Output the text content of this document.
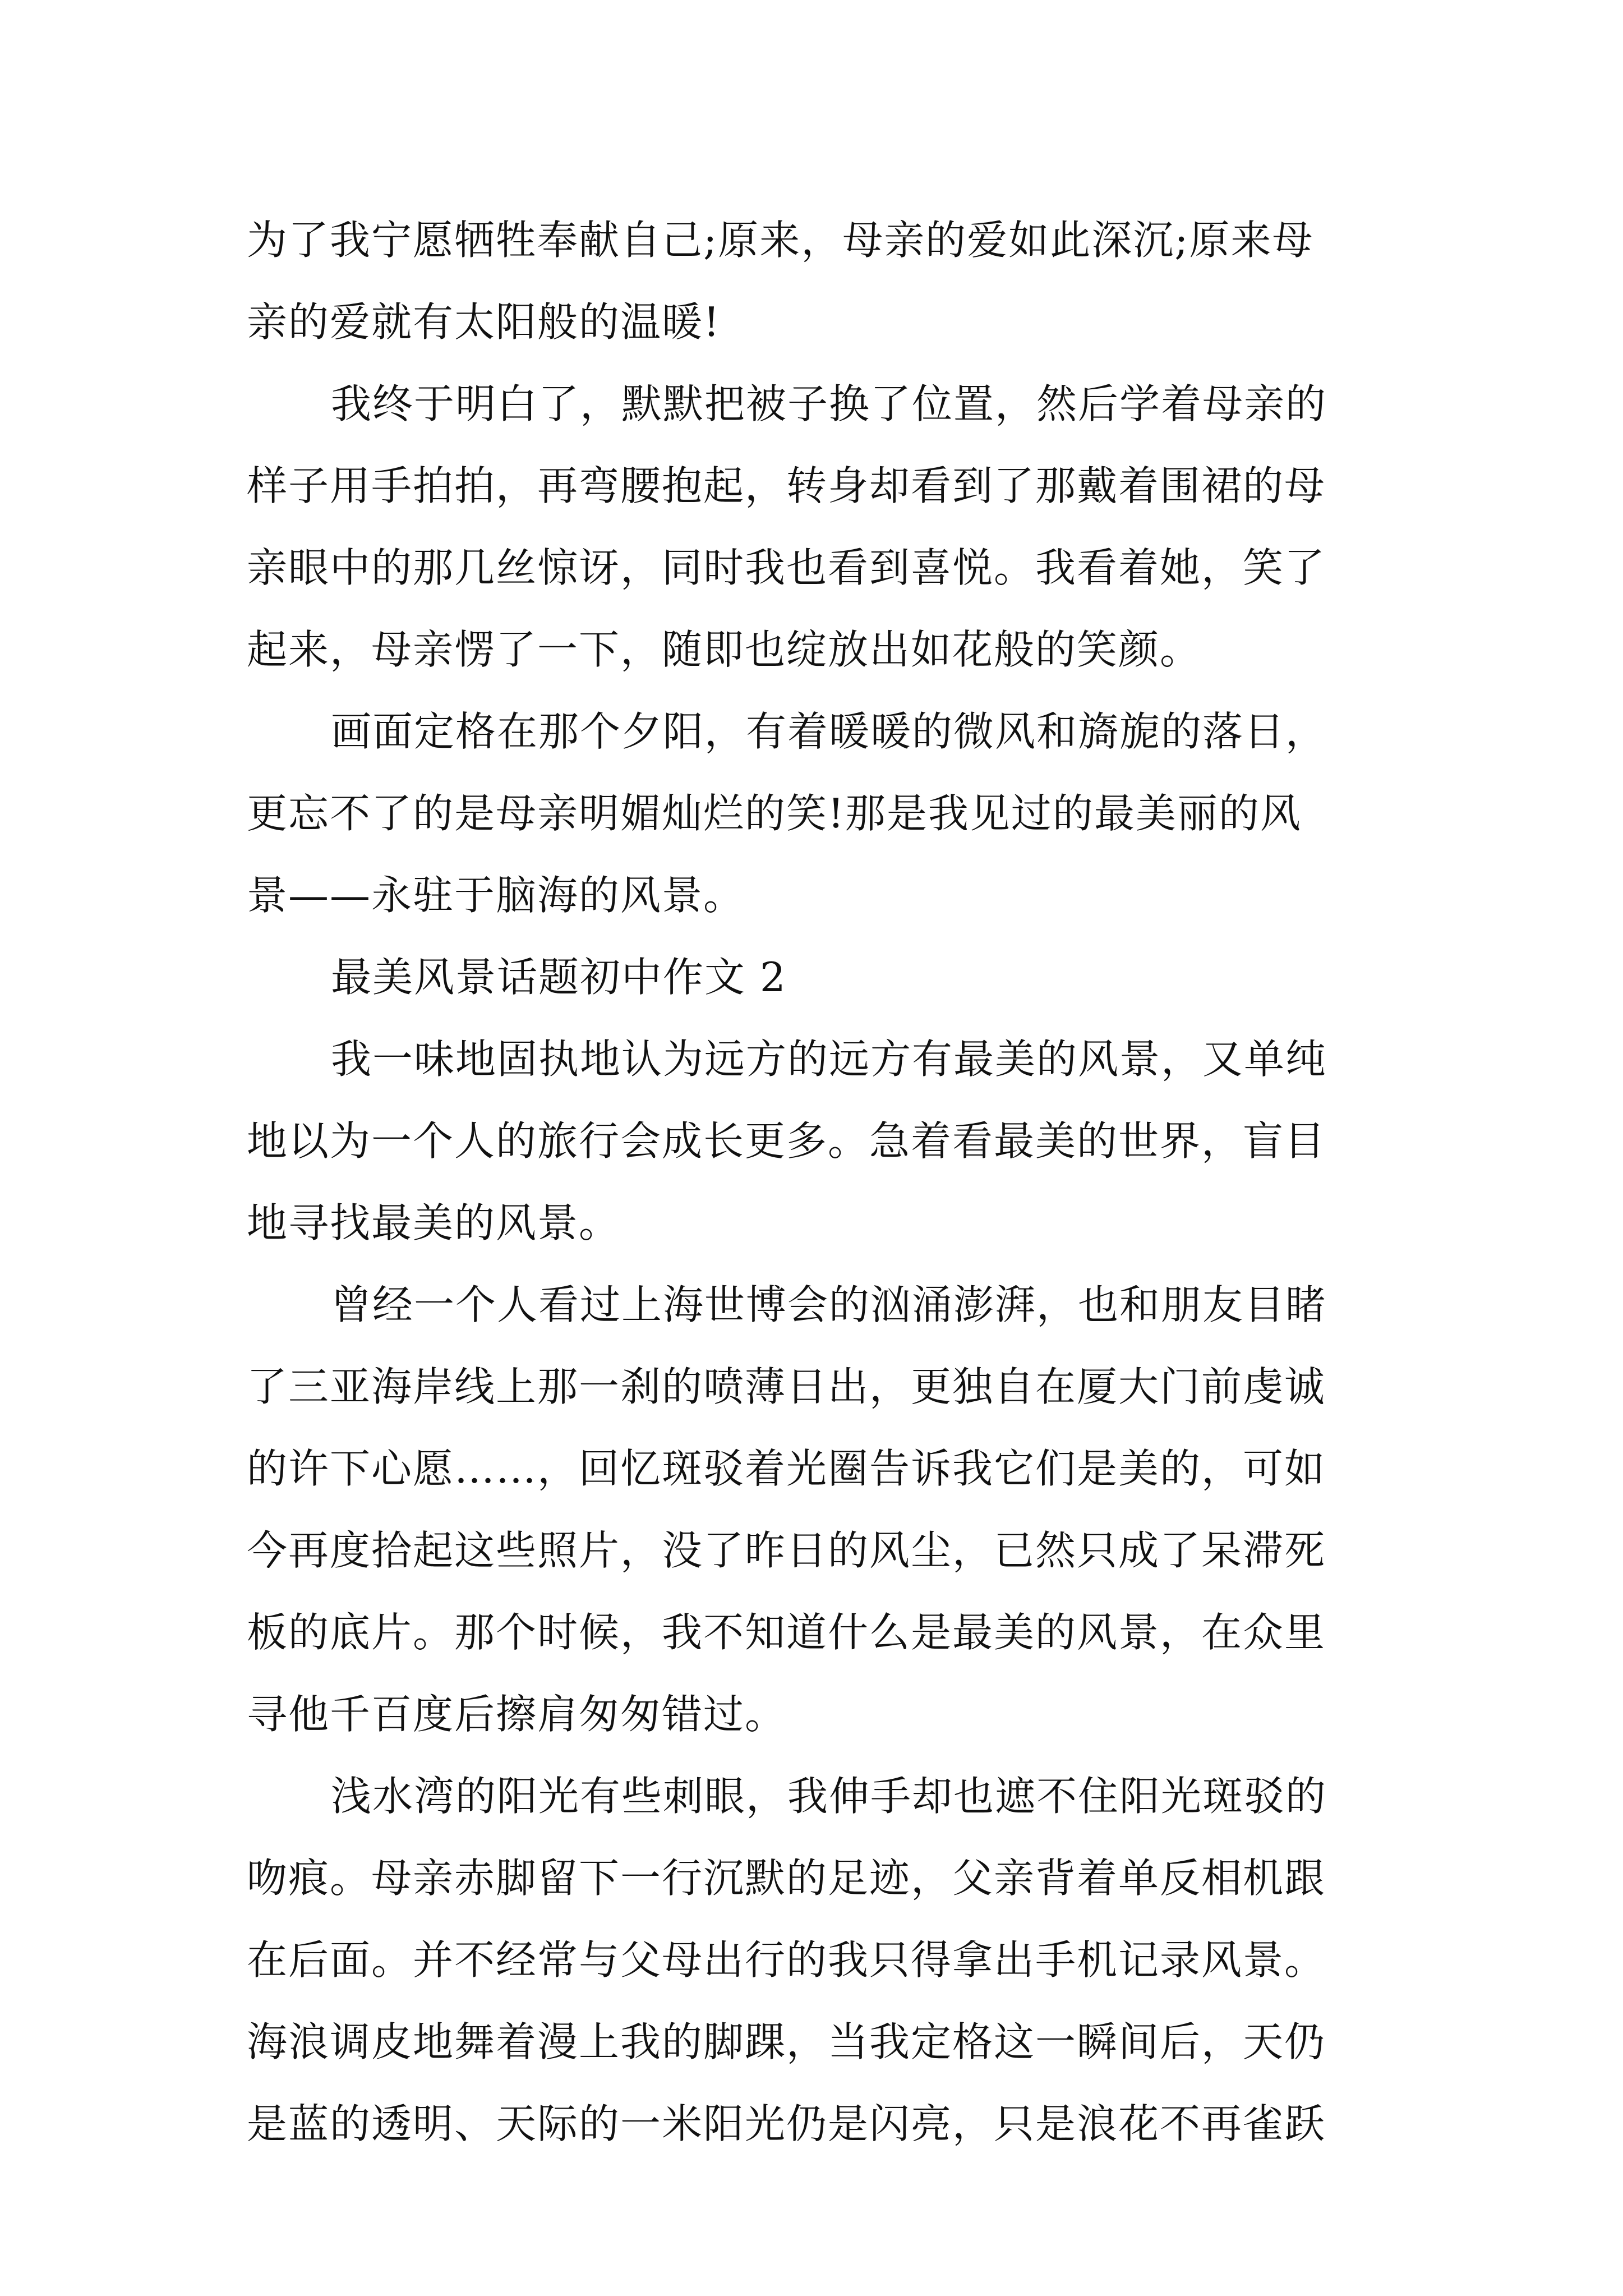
为了我宁愿牺牲奉献自己;原来，母亲的爱如此深沉;原来母
亲的爱就有太阳般的温暖!
我终于明白了，默默把被子换了位置，然后学着母亲的
样子用手拍拍，再弯腰抱起，转身却看到了那戴着围裙的母
亲眼中的那几丝惊讶，同时我也看到喜悦。我看着她，笑了
起来，母亲愣了一下，随即也绽放出如花般的笑颜。
画面定格在那个夕阳，有着暖暖的微风和旖旎的落日，
更忘不了的是母亲明媚灿烂的笑!那是我见过的最美丽的风
景——永驻于脑海的风景。
最美风景话题初中作文 2
我一味地固执地认为远方的远方有最美的风景，又单纯
地以为一个人的旅行会成长更多。急着看最美的世界，盲目
地寻找最美的风景。
曾经一个人看过上海世博会的汹涌澎湃，也和朋友目睹
了三亚海岸线上那一刹的喷薄日出，更独自在厦大门前虔诚
的许下心愿……，回忆斑驳着光圈告诉我它们是美的，可如
今再度拾起这些照片，没了昨日的风尘，已然只成了呆滞死
板的底片。那个时候，我不知道什么是最美的风景，在众里
寻他千百度后擦肩匆匆错过。
浅水湾的阳光有些刺眼，我伸手却也遮不住阳光斑驳的
吻痕。母亲赤脚留下一行沉默的足迹，父亲背着单反相机跟
在后面。并不经常与父母出行的我只得拿出手机记录风景。
海浪调皮地舞着漫上我的脚踝，当我定格这一瞬间后，天仍
是蓝的透明、天际的一米阳光仍是闪亮，只是浪花不再雀跃
